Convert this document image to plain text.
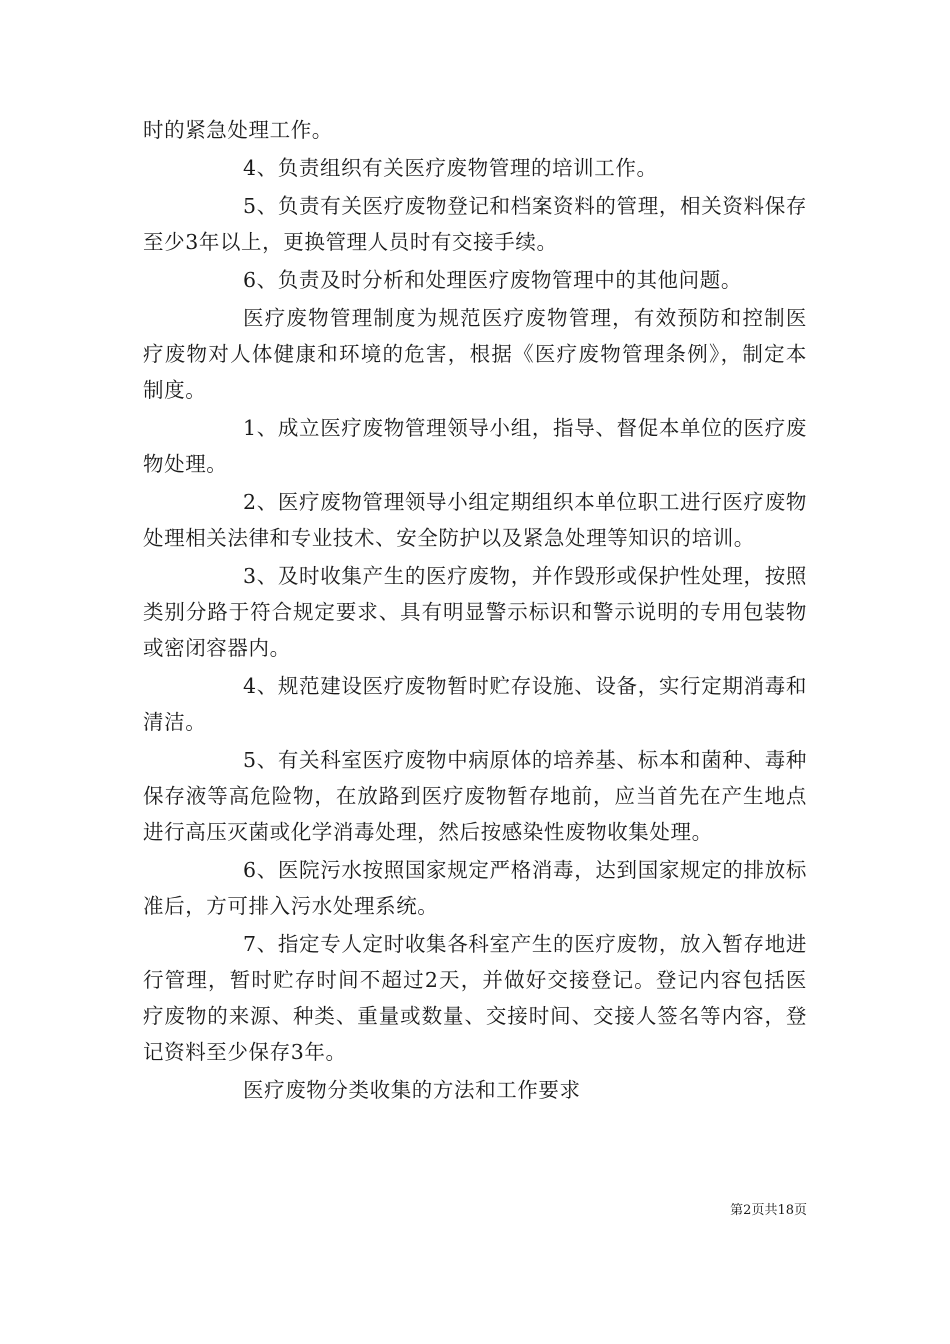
时的紧急处理工作。

4、负责组织有关医疗废物管理的培训工作。

5、负责有关医疗废物登记和档案资料的管理，相关资料保存至少3年以上，更换管理人员时有交接手续。

6、负责及时分析和处理医疗废物管理中的其他问题。

医疗废物管理制度为规范医疗废物管理，有效预防和控制医疗废物对人体健康和环境的危害，根据《医疗废物管理条例》，制定本制度。

1、成立医疗废物管理领导小组，指导、督促本单位的医疗废物处理。

2、医疗废物管理领导小组定期组织本单位职工进行医疗废物处理相关法律和专业技术、安全防护以及紧急处理等知识的培训。

3、及时收集产生的医疗废物，并作毁形或保护性处理，按照类别分路于符合规定要求、具有明显警示标识和警示说明的专用包装物或密闭容器内。

4、规范建设医疗废物暂时贮存设施、设备，实行定期消毒和清洁。

5、有关科室医疗废物中病原体的培养基、标本和菌种、毒种保存液等高危险物，在放路到医疗废物暂存地前，应当首先在产生地点进行高压灭菌或化学消毒处理，然后按感染性废物收集处理。

6、医院污水按照国家规定严格消毒，达到国家规定的排放标准后，方可排入污水处理系统。

7、指定专人定时收集各科室产生的医疗废物，放入暂存地进行管理，暂时贮存时间不超过2天，并做好交接登记。登记内容包括医疗废物的来源、种类、重量或数量、交接时间、交接人签名等内容，登记资料至少保存3年。

医疗废物分类收集的方法和工作要求

第2页共18页
